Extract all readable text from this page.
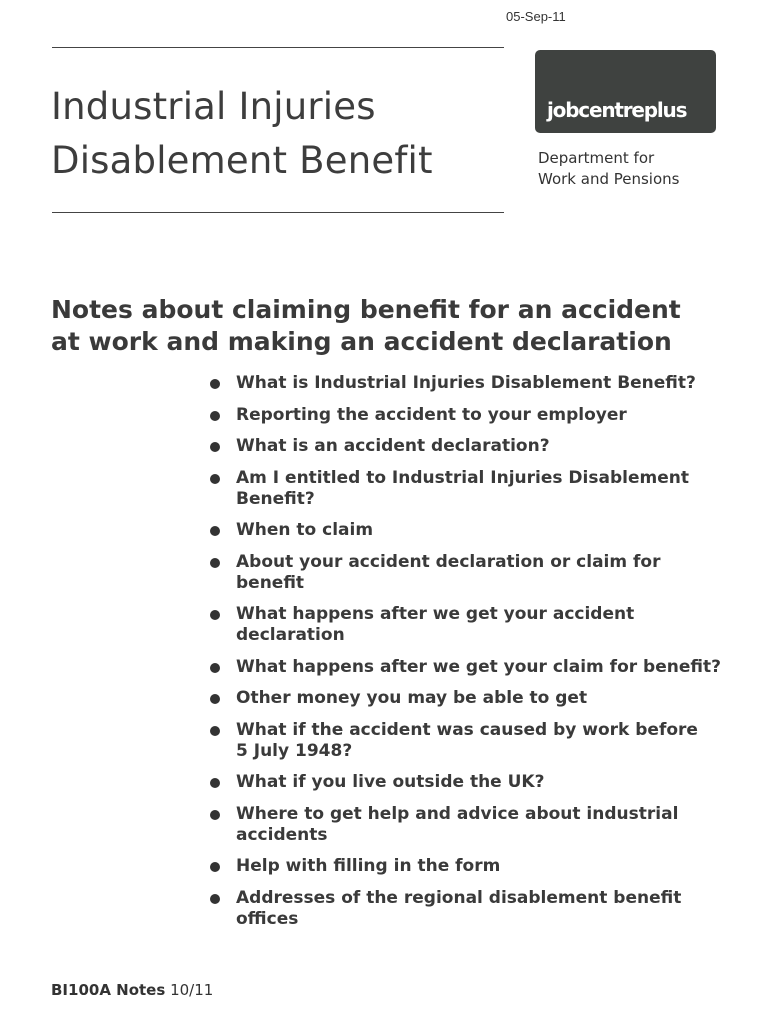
05-Sep-11
Industrial Injuries
Disablement Benefit
jobcentreplus
Department for
Work and Pensions
Notes about claiming benefit for an accident
at work and making an accident declaration
What is Industrial Injuries Disablement Benefit?
Reporting the accident to your employer
What is an accident declaration?
Am I entitled to Industrial Injuries Disablement
Benefit?
When to claim
About your accident declaration or claim for
benefit
What happens after we get your accident
declaration
What happens after we get your claim for benefit?
Other money you may be able to get
What if the accident was caused by work before
5 July 1948?
What if you live outside the UK?
Where to get help and advice about industrial
accidents
Help with filling in the form
Addresses of the regional disablement benefit
offices
BI100A Notes 10/11
